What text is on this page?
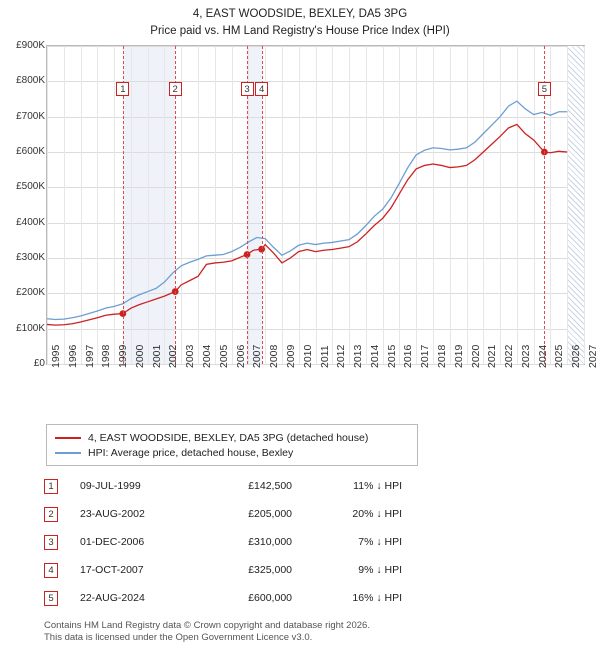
4, EAST WOODSIDE, BEXLEY, DA5 3PG
Price paid vs. HM Land Registry's House Price Index (HPI)
£0
£100K
£200K
£300K
£400K
£500K
£600K
£700K
£800K
£900K
1	2	3 4	5
4, EAST WOODSIDE, BEXLEY, DA5 3PG (detached house)
HPI: Average price, detached house, Bexley
1	09-JUL-1999	£142,500	11% ↓ HPI
2	23-AUG-2002	£205,000	20% ↓ HPI
3	01-DEC-2006	£310,000	7% ↓ HPI
4	17-OCT-2007	£325,000	9% ↓ HPI
5	22-AUG-2024	£600,000	16% ↓ HPI
Contains HM Land Registry data © Crown copyright and database right 2026.
This data is licensed under the Open Government Licence v3.0.
1995 1996 1997 1998 1999 2000 2001 2002 2003 2004 2005 2006 2007 2008 2009 2010 2011 2012 2013 2014 2015 2016 2017 2018 2019 2020 2021 2022 2023 2024 2025 2026 2027
